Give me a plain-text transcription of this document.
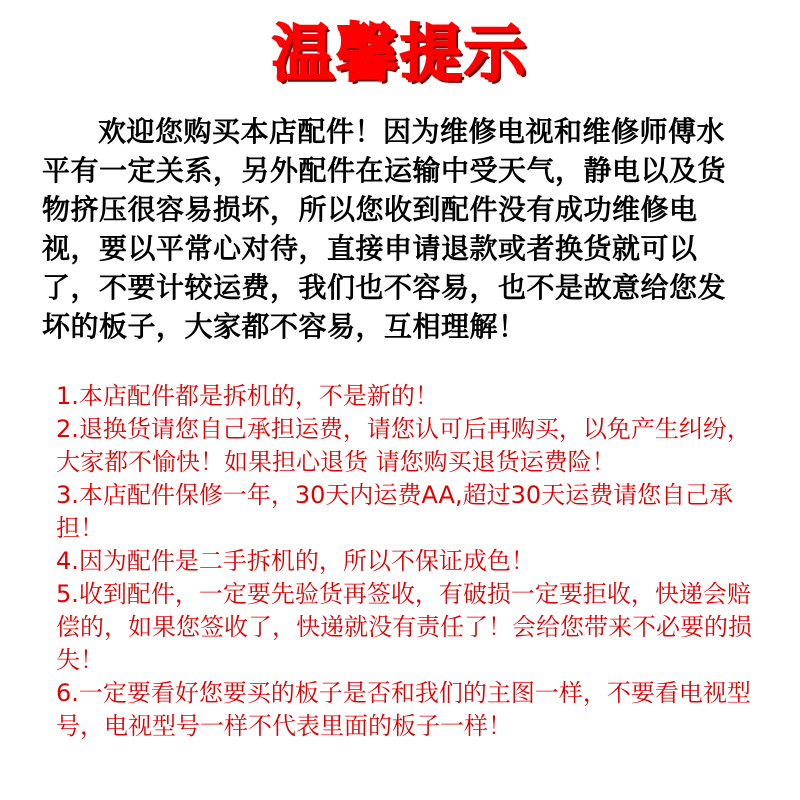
温馨提示
欢迎您购买本店配件！因为维修电视和维修师傅水平有一定关系，另外配件在运输中受天气，静电以及货物挤压很容易损坏，所以您收到配件没有成功维修电视，要以平常心对待，直接申请退款或者换货就可以了，不要计较运费，我们也不容易，也不是故意给您发坏的板子，大家都不容易，互相理解！
1.本店配件都是拆机的，不是新的！
2.退换货请您自己承担运费，请您认可后再购买，以免产生纠纷，大家都不愉快！如果担心退货 请您购买退货运费险！
3.本店配件保修一年，30天内运费AA,超过30天运费请您自己承担！
4.因为配件是二手拆机的，所以不保证成色！
5.收到配件，一定要先验货再签收，有破损一定要拒收，快递会赔偿的，如果您签收了，快递就没有责任了！会给您带来不必要的损失！
6.一定要看好您要买的板子是否和我们的主图一样，不要看电视型号，电视型号一样不代表里面的板子一样！
